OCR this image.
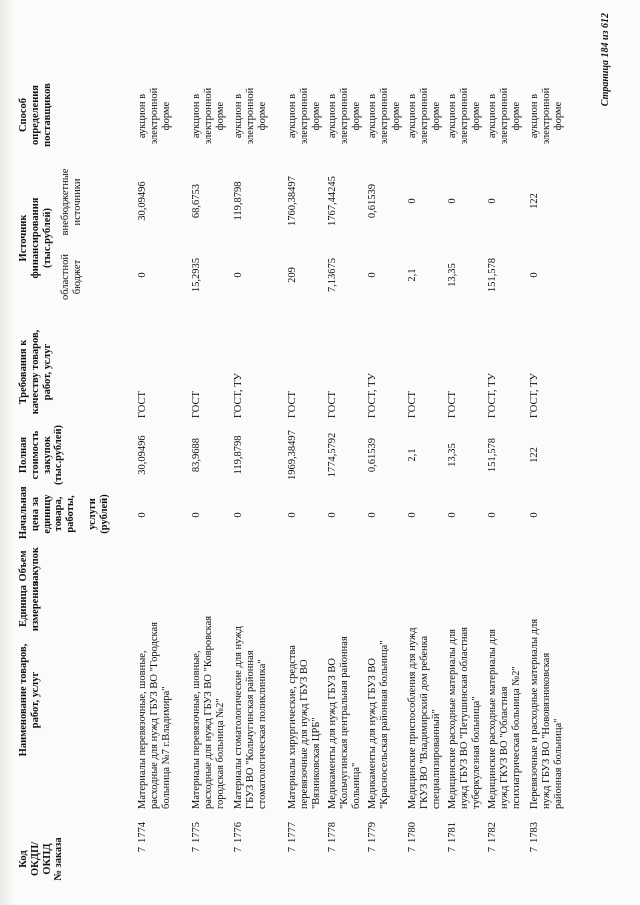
Код ОКДП/ ОКПД № заказа
Наименование товаров, работ, услуг
Единица измерения
Объем закупок
Начальная цена за единицу товара, работы, услуги (рублей)
Полная стоимость закупок (тыс.рублей)
Требования к качеству товаров, работ, услуг
Источник финансирования (тыс.рублей)
областной бюджет
внебюджетные источники
Способ определения поставщиков
7
1774
Материалы перевязочные, шовные, расходные для нужд ГБУЗ ВО "Городская больница №7 г.Владимира"
0
30,09496
ГОСТ
0
30,09496
аукцион в электронной форме
7
1775
Материалы перевязочные, шовные, расходные для нужд ГБУЗ ВО "Ковровская городская больница №2"
0
83,9688
ГОСТ
15,2935
68,6753
аукцион в электронной форме
7
1776
Материалы стоматологические для нужд ГБУЗ ВО "Кольчугинская районная стоматологическая поликлиника"
0
119,8798
ГОСТ, ТУ
0
119,8798
аукцион в электронной форме
7
1777
Материалы хирургические, средства перевязочные для нужд ГБУЗ ВО "Вязниковская ЦРБ"
0
1969,38497
ГОСТ
209
1760,38497
аукцион в электронной форме
7
1778
Медикаменты для нужд ГБУЗ ВО "Кольчугинская центральная районная больница"
0
1774,5792
ГОСТ
7,13675
1767,44245
аукцион в электронной форме
7
1779
Медикаменты для нужд ГБУЗ ВО "Красносельская районная больница"
0
0,61539
ГОСТ, ТУ
0
0,61539
аукцион в электронной форме
7
1780
Медицинские приспособления для нужд ГКУЗ ВО "Владимирский дом ребенка специализированный"
0
2,1
ГОСТ
2,1
0
аукцион в электронной форме
7
1781
Медицинские расходные материалы для нужд ГБУЗ ВО "Петушинская областная туберкулезная больница"
0
13,35
ГОСТ
13,35
0
аукцион в электронной форме
7
1782
Медицинские расходные материалы для нужд ГКУЗ ВО "Областная психиатрическая больница №2"
0
151,578
ГОСТ, ТУ
151,578
0
аукцион в электронной форме
7
1783
Перевязочные и расходные материалы для нужд ГБУЗ ВО "Нововязниковская районная больница"
0
122
ГОСТ, ТУ
0
122
аукцион в электронной форме
Страница 184 из 612
